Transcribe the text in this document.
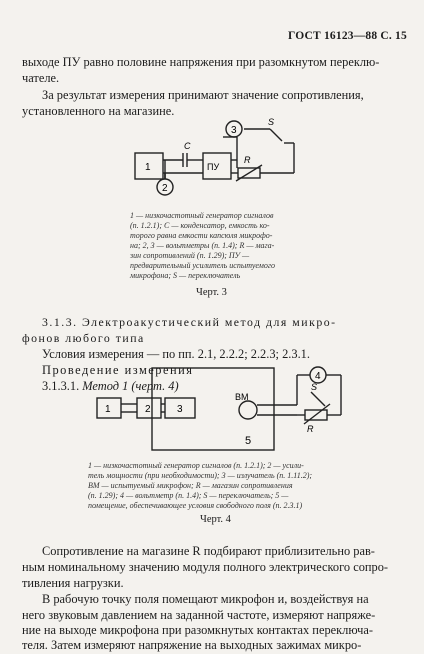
ГОСТ 16123—88 С. 15
выходе ПУ равно половине напряжения при разомкнутом переклю-
чателе.
За результат измерения принимают значение сопротивления,
установленного на магазине.
1
2
3
ПУ
С
R
S
1 — низкочастотный генератор сигналов
(п. 1.2.1); С — конденсатор, емкость ко-
торого равна емкости капсюля микрофо-
на; 2, 3 — вольтметры (п. 1.4); R — мага-
зин сопротивлений (п. 1.29); ПУ —
предварительный усилитель испытуемого
микрофона; S — переключатель
Черт. 3
3.1.3. Электроакустический метод для микро-
фонов любого типа
Условия измерения — по пп. 2.1, 2.2.2; 2.2.3; 2.3.1.
Проведение измерения
3.1.3.1. Метод 1 (черт. 4)
1	2	3
4
5
ВМ
R
S
1 — низкочастотный генератор сигналов (п. 1.2.1); 2 — усили-
тель мощности (при необходимости); 3 — излучатель (п. 1.11.2);
ВМ — испытуемый микрофон; R — магазин сопротивления
(п. 1.29); 4 — вольтметр (п. 1.4); S — переключатель; 5 —
помещение, обеспечивающее условия свободного поля (п. 2.3.1)
Черт. 4
Сопротивление на магазине R подбирают приблизительно рав-
ным номинальному значению модуля полного электрического сопро-
тивления нагрузки.
В рабочую точку поля помещают микрофон и, воздействуя на
него звуковым давлением на заданной частоте, измеряют напряже-
ние на выходе микрофона при разомкнутых контактах переключа-
теля. Затем измеряют напряжение на выходных зажимах микро-
